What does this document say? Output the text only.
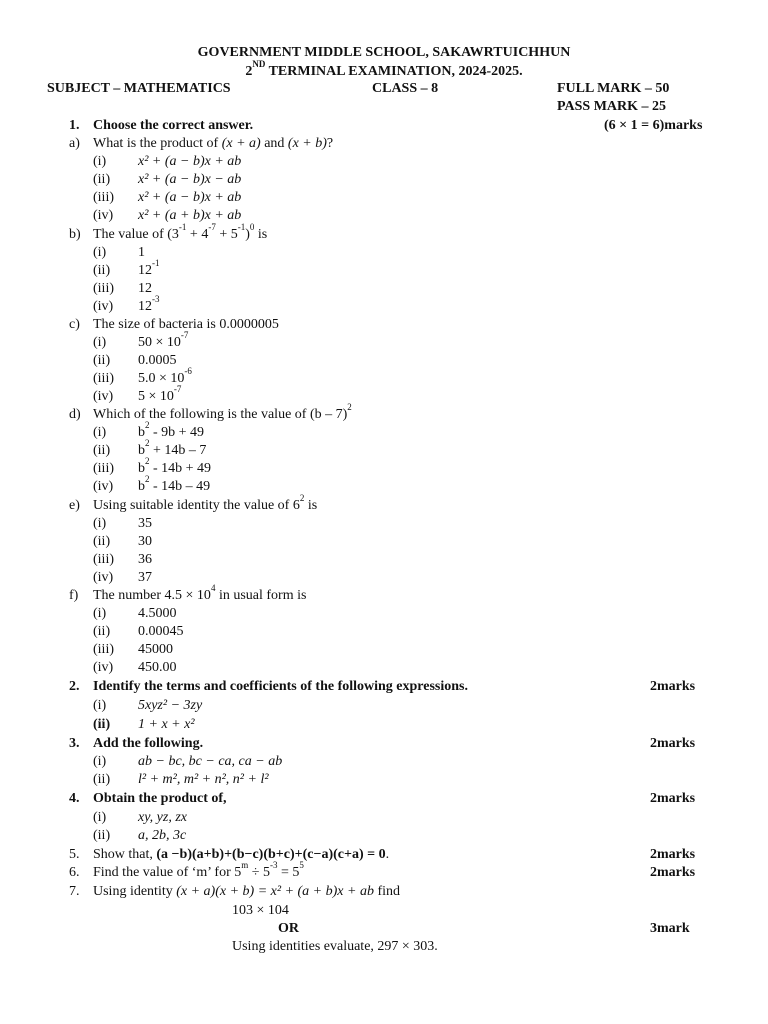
GOVERNMENT MIDDLE SCHOOL, SAKAWRTUICHHUN
2ND TERMINAL EXAMINATION, 2024-2025.
SUBJECT – MATHEMATICS	CLASS – 8	FULL MARK – 50
PASS MARK – 25
1. Choose the correct answer.	(6 × 1 = 6)marks
a) What is the product of (x + a) and (x + b)?
(i) x² + (a − b)x + ab
(ii) x² + (a − b)x − ab
(iii) x² + (a − b)x + ab
(iv) x² + (a + b)x + ab
b) The value of $(3^{-1} + 4^{-7} + 5^{-1})^0$ is
(i) 1
(ii) $12^{-1}$
(iii) 12
(iv) $12^{-3}$
c) The size of bacteria is 0.0000005
(i) $50 \times 10^{-7}$
(ii) 0.0005
(iii) $5.0 \times 10^{-6}$
(iv) $5 \times 10^{-7}$
d) Which of the following is the value of (b – 7)$^2$
(i) $b^2 - 9b + 49$
(ii) $b^2 + 14b - 7$
(iii) $b^2 - 14b + 49$
(iv) $b^2 - 14b - 49$
e) Using suitable identity the value of $6^2$ is
(i) 35
(ii) 30
(iii) 36
(iv) 37
f) The number $4.5 \times 10^4$ in usual form is
(i) 4.5000
(ii) 0.00045
(iii) 45000
(iv) 450.00
2. Identify the terms and coefficients of the following expressions.	2marks
(i) 5xyz² − 3zy
(ii) 1 + x + x²
3. Add the following.	2marks
(i) ab − bc, bc − ca, ca − ab
(ii) l² + m², m² + n², n² + l²
4. Obtain the product of,	2marks
(i) xy, yz, zx
(ii) a, 2b, 3c
5. Show that, (a −b)(a+b)+(b−c)(b+c)+(c−a)(c+a) = 0.	2marks
6. Find the value of ‘m’ for $5^m \div 5^{-3} = 5^5$	2marks
7. Using identity (x + a)(x + b) = x² + (a + b)x + ab find
103 × 104
OR	3mark
Using identities evaluate, 297 × 303.
